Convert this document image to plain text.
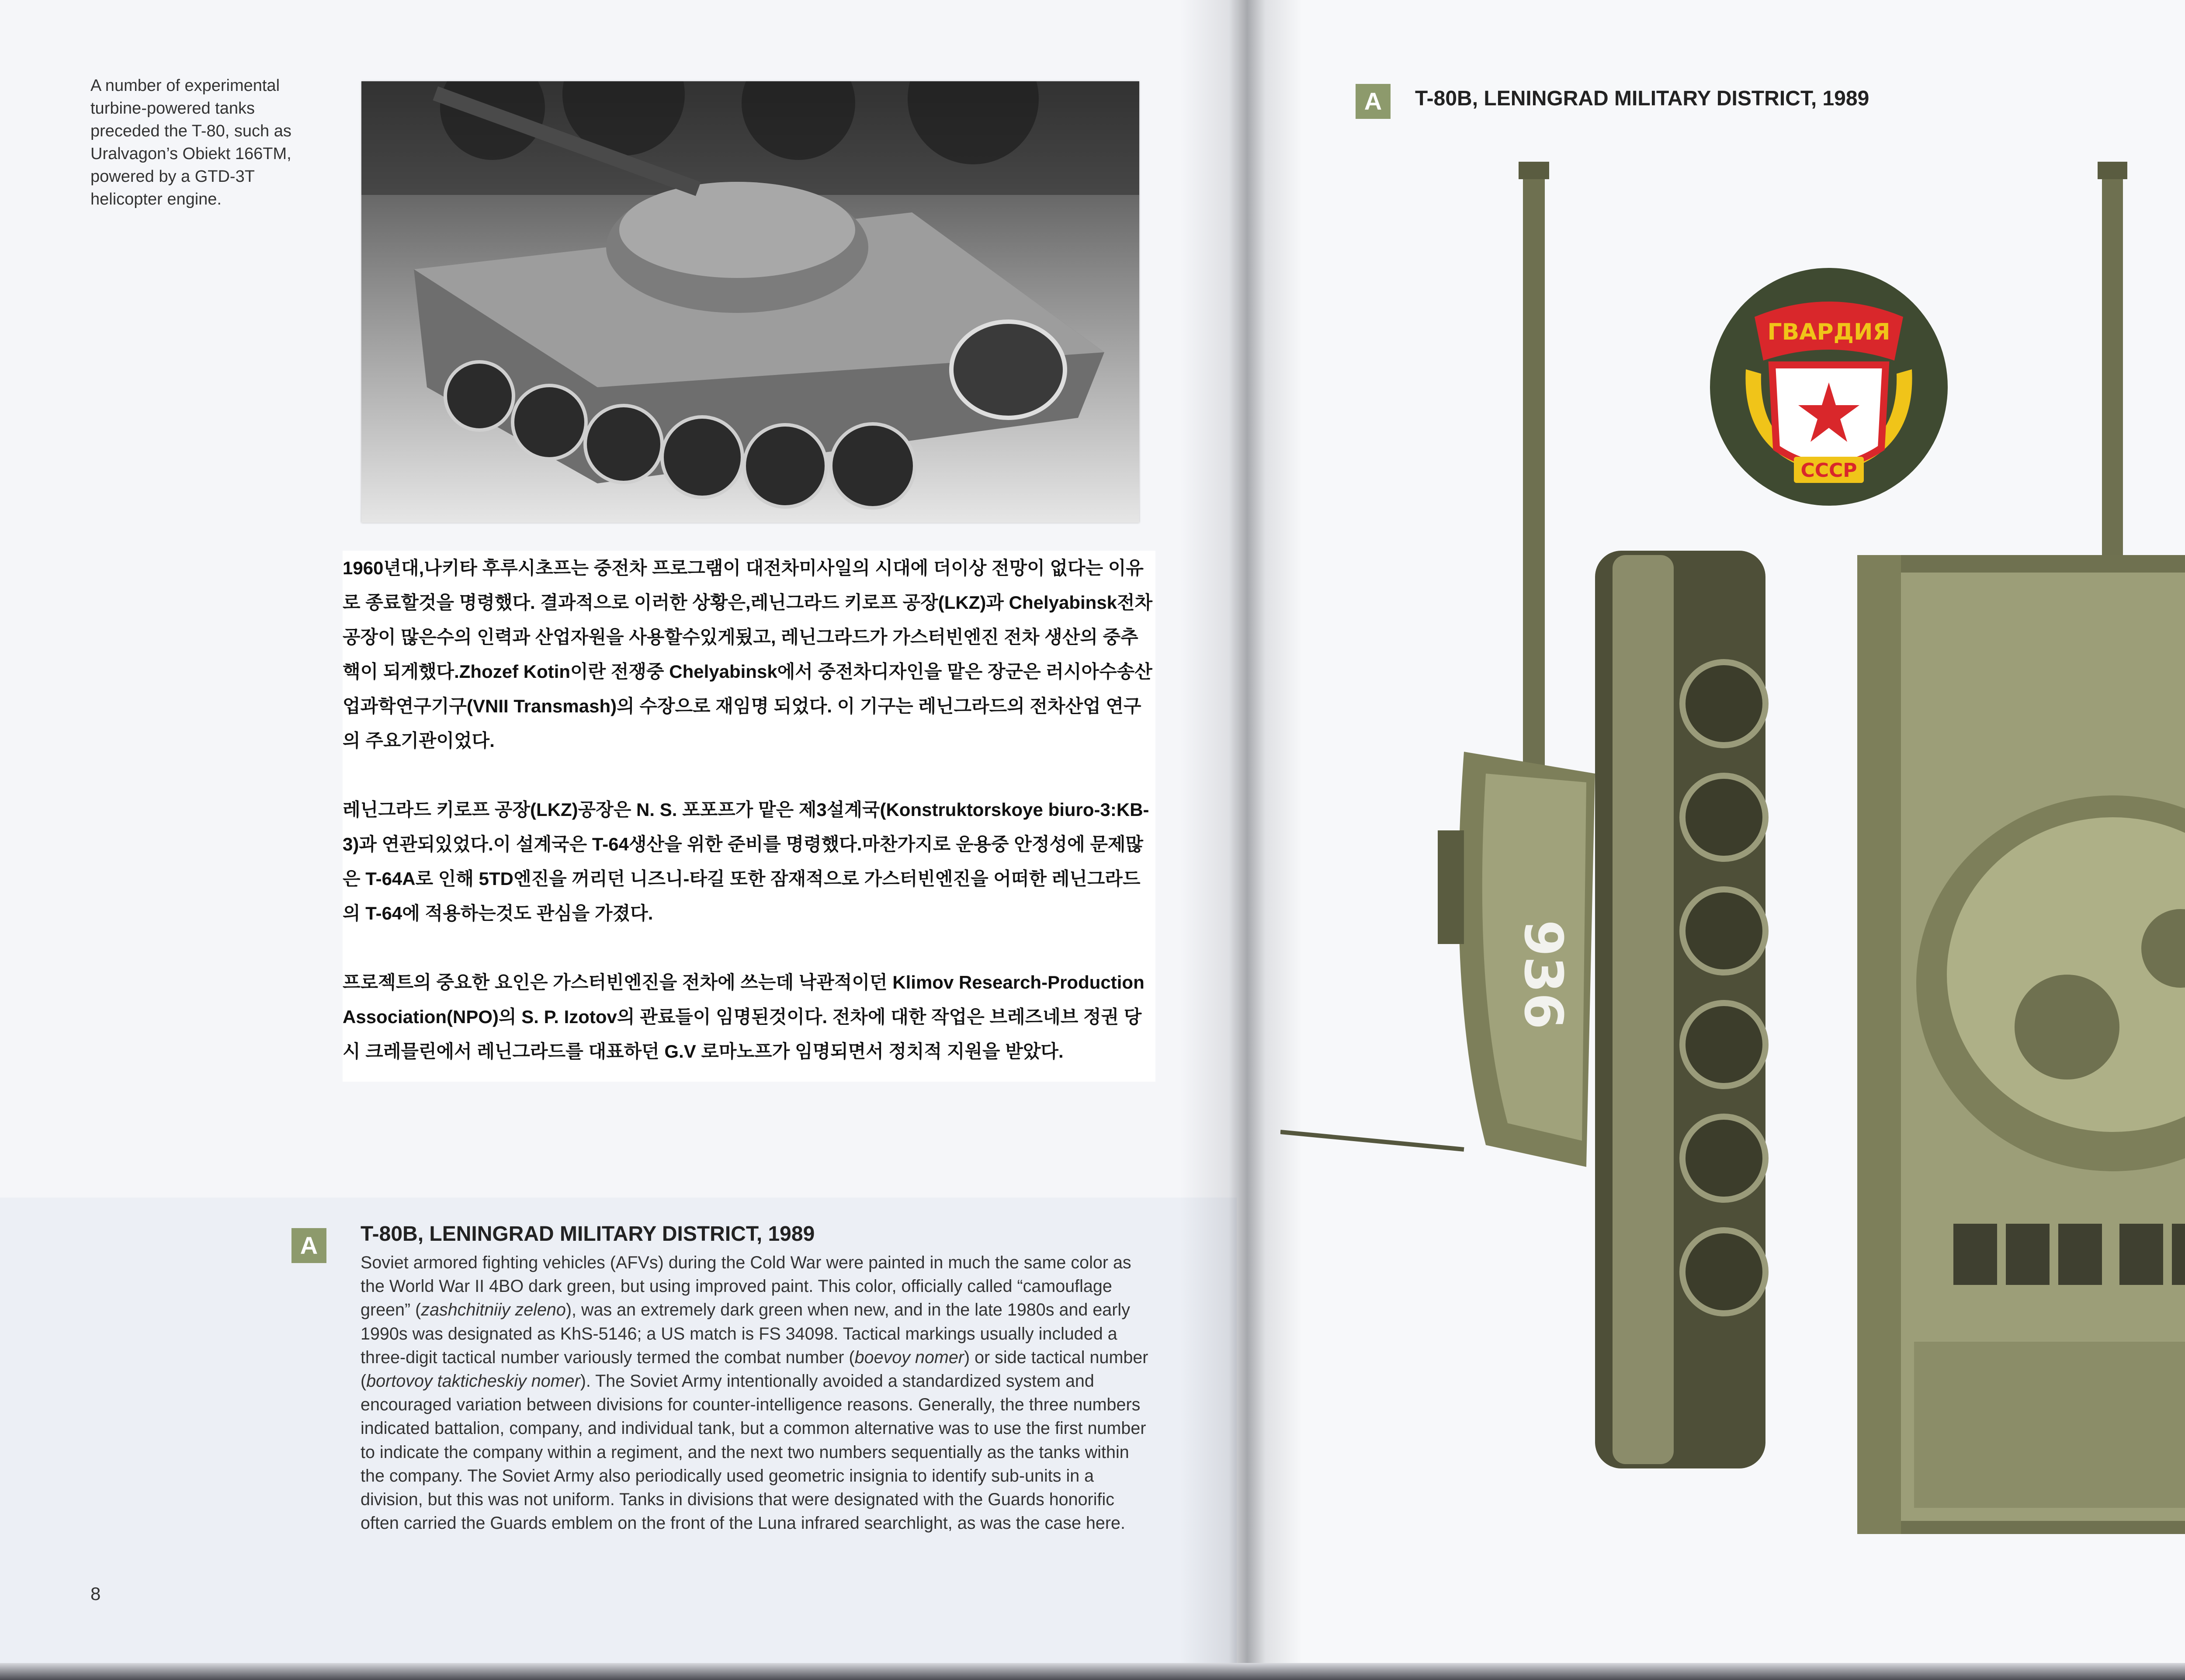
A number of experimental turbine-powered tanks preceded the T-80, such as Uralvagon’s Obiekt 166TM, powered by a GTD-3T helicopter engine.

1960년대,나키타 후루시초프는 중전차 프로그램이 대전차미사일의 시대에 더이상 전망이 없다는 이유로 종료할것을 명령했다. 결과적으로 이러한 상황은,레닌그라드 키로프 공장(LKZ)과 Chelyabinsk전차공장이 많은수의 인력과 산업자원을 사용할수있게됬고, 레닌그라드가 가스터빈엔진 전차 생산의 중추핵이 되게했다.Zhozef Kotin이란 전쟁중 Chelyabinsk에서 중전차디자인을 맡은 장군은 러시아수송산업과학연구기구(VNII Transmash)의 수장으로 재임명 되었다. 이 기구는 레닌그라드의 전차산업 연구의 주요기관이었다.

레닌그라드 키로프 공장(LKZ)공장은 N. S. 포포프가 맡은 제3설계국(Konstruktorskoye biuro-3:KB-3)과 연관되있었다.이 설계국은 T-64생산을 위한 준비를 명령했다.마찬가지로 운용중 안정성에 문제많은 T-64A로 인해 5TD엔진을 꺼리던 니즈니-타길 또한 잠재적으로 가스터빈엔진을 어떠한 레닌그라드의 T-64에 적용하는것도 관심을 가졌다.

프로젝트의 중요한 요인은 가스터빈엔진을 전차에 쓰는데 낙관적이던 Klimov Research-Production Association(NPO)의 S. P. Izotov의 관료들이 임명된것이다. 전차에 대한 작업은 브레즈네브 정권 당시 크레믈린에서 레닌그라드를 대표하던 G.V 로마노프가 임명되면서 정치적 지원을 받았다.

A	T-80B, LENINGRAD MILITARY DISTRICT, 1989

Soviet armored fighting vehicles (AFVs) during the Cold War were painted in much the same color as the World War II 4BO dark green, but using improved paint. This color, officially called “camouflage green” (zashchitniiy zeleno), was an extremely dark green when new, and in the late 1980s and early 1990s was designated as KhS-5146; a US match is FS 34098. Tactical markings usually included a three-digit tactical number variously termed the combat number (boevoy nomer) or side tactical number (bortovoy takticheskiy nomer). The Soviet Army intentionally avoided a standardized system and encouraged variation between divisions for counter-intelligence reasons. Generally, the three numbers indicated battalion, company, and individual tank, but a common alternative was to use the first number to indicate the company within a regiment, and the next two numbers sequentially as the tanks within the company. The Soviet Army also periodically used geometric insignia to identify sub-units in a division, but this was not uniform. Tanks in divisions that were designated with the Guards honorific often carried the Guards emblem on the front of the Luna infrared searchlight, as was the case here.

8
A	T-80B, LENINGRAD MILITARY DISTRICT, 1989
ГВАРДИЯ
СССР
936
